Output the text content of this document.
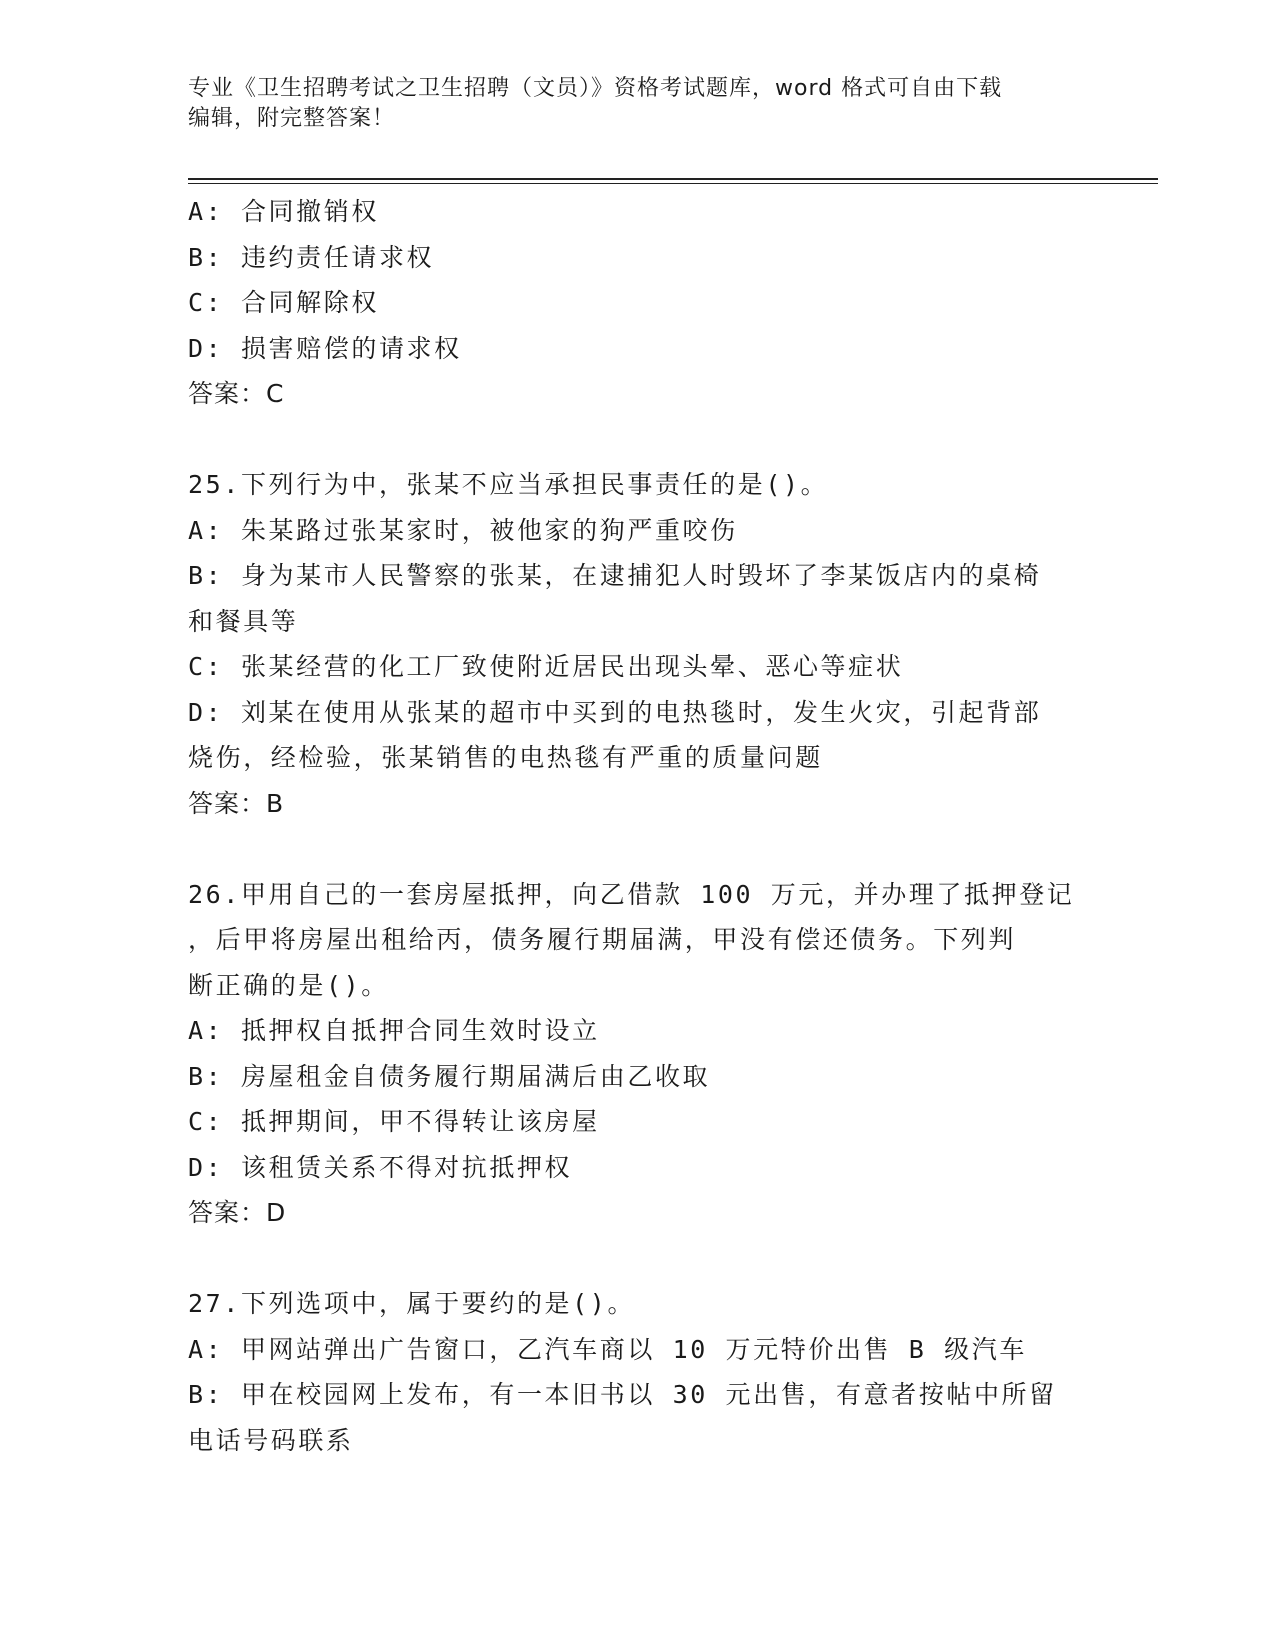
专业《卫生招聘考试之卫生招聘（文员）》资格考试题库，word 格式可自由下载
编辑，附完整答案！
A: 合同撤销权
B: 违约责任请求权
C: 合同解除权
D: 损害赔偿的请求权
答案：C
25.下列行为中，张某不应当承担民事责任的是()。
A: 朱某路过张某家时，被他家的狗严重咬伤
B: 身为某市人民警察的张某，在逮捕犯人时毁坏了李某饭店内的桌椅
和餐具等
C: 张某经营的化工厂致使附近居民出现头晕、恶心等症状
D: 刘某在使用从张某的超市中买到的电热毯时，发生火灾，引起背部
烧伤，经检验，张某销售的电热毯有严重的质量问题
答案：B
26.甲用自己的一套房屋抵押，向乙借款 100 万元，并办理了抵押登记
，后甲将房屋出租给丙，债务履行期届满，甲没有偿还债务。下列判
断正确的是()。
A: 抵押权自抵押合同生效时设立
B: 房屋租金自债务履行期届满后由乙收取
C: 抵押期间，甲不得转让该房屋
D: 该租赁关系不得对抗抵押权
答案：D
27.下列选项中，属于要约的是()。
A: 甲网站弹出广告窗口，乙汽车商以 10 万元特价出售 B 级汽车
B: 甲在校园网上发布，有一本旧书以 30 元出售，有意者按帖中所留
电话号码联系
